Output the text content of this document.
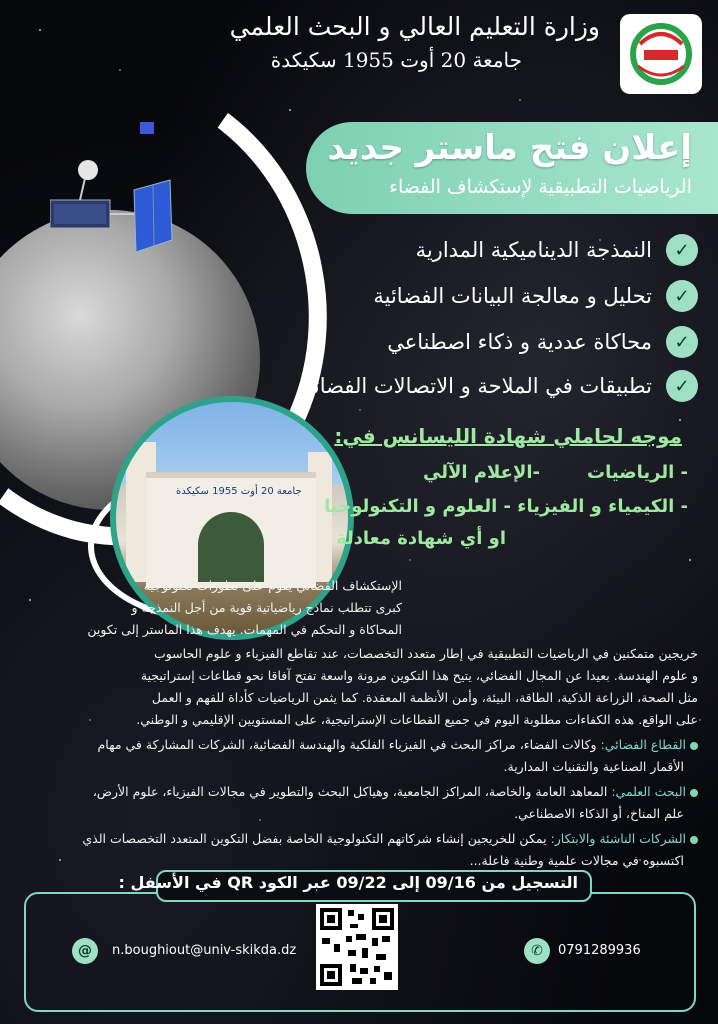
وزارة التعليم العالي و البحث العلمي
جامعة 20 أوت 1955 سكيكدة
جامعة 20 أوت 1955 سكيكدة
إعلان فتح ماستر جديد
الرياضيات التطبيقية لإستكشاف الفضاء
✓
النمذجة الديناميكية المدارية
✓
تحليل و معالجة البيانات الفضائية
✓
محاكاة عددية و ذكاء اصطناعي
✓
تطبيقات في الملاحة و الاتصالات الفضائية
موجه لحاملي شهادة الليسانس في:
- الرياضيات
-الإعلام الآلي
- الكيمياء و الفيزياء - العلوم و التكنولوجيا
او أي شهادة معادلة
الإستكشاف الفضائي يقوم على تطورات تكنولوجية
كبرى تتطلب نماذج رياضياتية قوية من أجل النمذجة و
المحاكاة و التحكم في المهمات. يهدف هذا الماستر إلى تكوين
خريجين متمكنين في الرياضيات التطبيقية في إطار متعدد التخصصات، عند تقاطع الفيزياء و علوم الحاسوب
و علوم الهندسة. بعيدا عن المجال الفضائي، يتيح هذا التكوين مرونة واسعة تفتح آفاقا نحو قطاعات إستراتيجية
مثل الصحة، الزراعة الذكية، الطاقة، البيئة، وأمن الأنظمة المعقدة. كما يثمن الرياضيات كأداة للفهم و العمل
على الواقع. هذه الكفاءات مطلوبة اليوم في جميع القطاعات الإستراتيجية، على المستويين الإقليمي و الوطني.
القطاع الفضائي: وكالات الفضاء، مراكز البحث في الفيزياء الفلكية والهندسة الفضائية، الشركات المشاركة في مهام
الأقمار الصناعية والتقنيات المدارية.
البحث العلمي: المعاهد العامة والخاصة، المراكز الجامعية، وهياكل البحث والتطوير في مجالات الفيزياء، علوم الأرض،
علم المناخ، أو الذكاء الاصطناعي.
الشركات الناشئة والابتكار: يمكن للخريجين إنشاء شركاتهم التكنولوجية الخاصة بفضل التكوين المتعدد التخصصات الذي
اكتسبوه في مجالات علمية وطنية فاعلة...
التسجيل من 09/16 إلى 09/22 عبر الكود QR في الأسفل :
@	n.boughiout@univ-skikda.dz	✆	0791289936
